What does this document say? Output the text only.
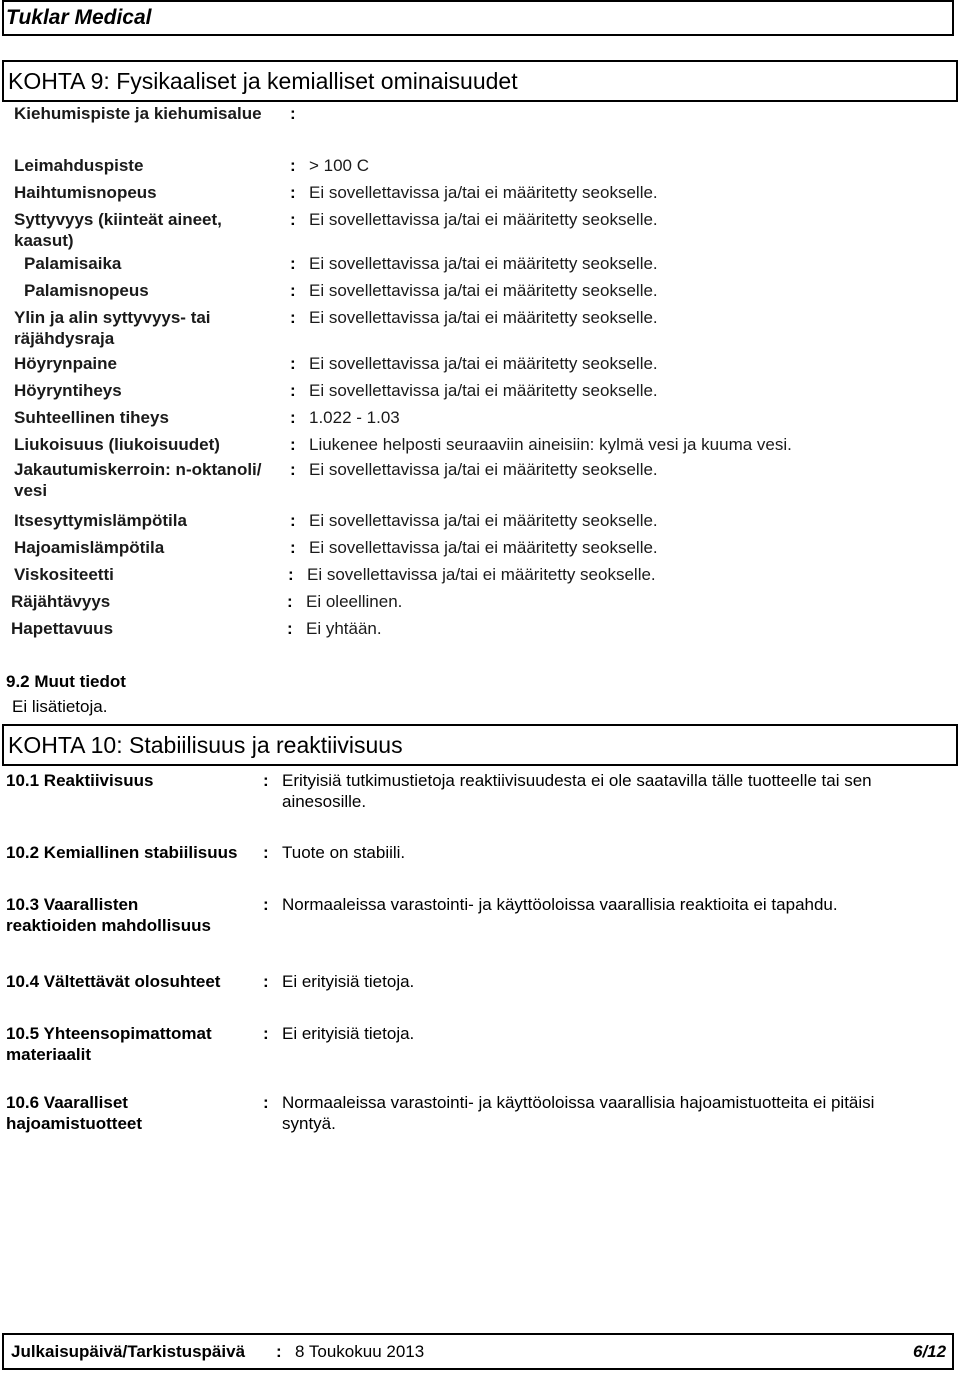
Tuklar Medical
KOHTA 9: Fysikaaliset ja kemialliset ominaisuudet
Kiehumispiste ja kiehumisalue :
Leimahduspiste	: > 100 C
Haihtumisnopeus	: Ei sovellettavissa ja/tai ei määritetty seokselle.
Syttyvyys (kiinteät aineet,
kaasut)
: Ei sovellettavissa ja/tai ei määritetty seokselle.
Palamisaika	: Ei sovellettavissa ja/tai ei määritetty seokselle.
Palamisnopeus	: Ei sovellettavissa ja/tai ei määritetty seokselle.
Ylin ja alin syttyvyys- tai
räjähdysraja
: Ei sovellettavissa ja/tai ei määritetty seokselle.
Höyrynpaine	: Ei sovellettavissa ja/tai ei määritetty seokselle.
Höyryntiheys	: Ei sovellettavissa ja/tai ei määritetty seokselle.
Suhteellinen tiheys	: 1.022 - 1.03
Liukoisuus (liukoisuudet)	: Liukenee helposti seuraaviin aineisiin: kylmä vesi ja kuuma vesi.
Jakautumiskerroin: n-oktanoli/
vesi
: Ei sovellettavissa ja/tai ei määritetty seokselle.
Itsesyttymislämpötila	: Ei sovellettavissa ja/tai ei määritetty seokselle.
Hajoamislämpötila	: Ei sovellettavissa ja/tai ei määritetty seokselle.
Viskositeetti	: Ei sovellettavissa ja/tai ei määritetty seokselle.
Räjähtävyys	: Ei oleellinen.
Hapettavuus	: Ei yhtään.
9.2 Muut tiedot
Ei lisätietoja.
KOHTA 10: Stabiilisuus ja reaktiivisuus
10.1 Reaktiivisuus	: Erityisiä tutkimustietoja reaktiivisuudesta ei ole saatavilla tälle tuotteelle tai sen
ainesosille.
10.2 Kemiallinen stabiilisuus : Tuote on stabiili.
10.3 Vaarallisten
reaktioiden mahdollisuus
: Normaaleissa varastointi- ja käyttöoloissa vaarallisia reaktioita ei tapahdu.
10.4 Vältettävät olosuhteet	: Ei erityisiä tietoja.
10.5 Yhteensopimattomat
materiaalit
: Ei erityisiä tietoja.
10.6 Vaaralliset
hajoamistuotteet
: Normaaleissa varastointi- ja käyttöoloissa vaarallisia hajoamistuotteita ei pitäisi
syntyä.
Julkaisupäivä/Tarkistuspäivä : 8 Toukokuu 2013	6/12
